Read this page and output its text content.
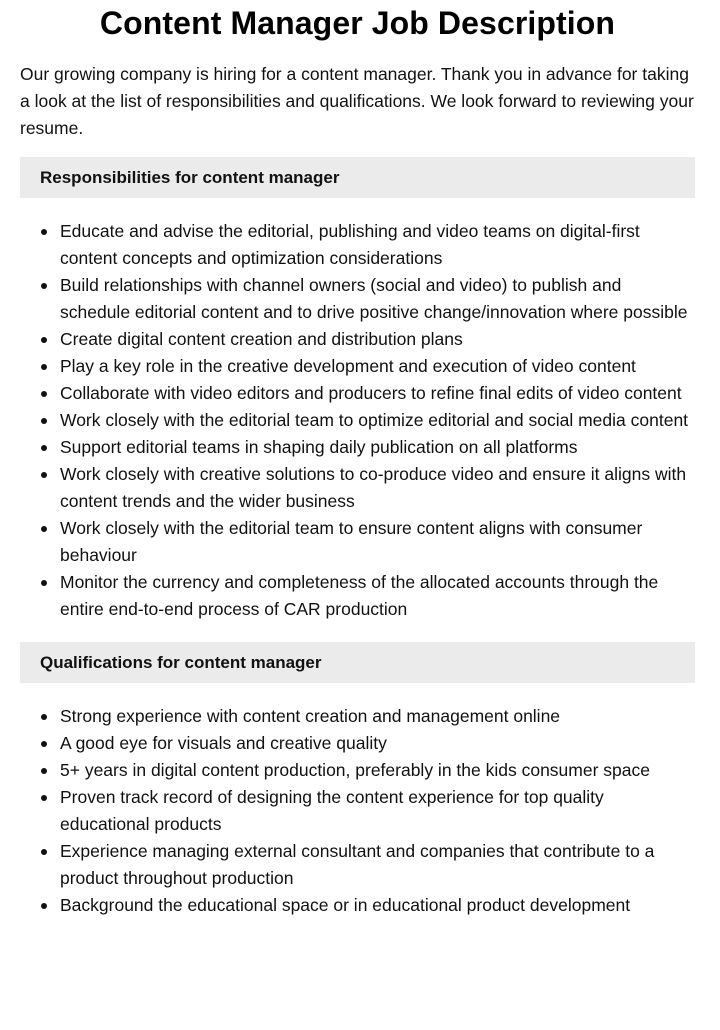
Content Manager Job Description

Our growing company is hiring for a content manager. Thank you in advance for taking a look at the list of responsibilities and qualifications. We look forward to reviewing your resume.

Responsibilities for content manager
Educate and advise the editorial, publishing and video teams on digital-first content concepts and optimization considerations
Build relationships with channel owners (social and video) to publish and schedule editorial content and to drive positive change/innovation where possible
Create digital content creation and distribution plans
Play a key role in the creative development and execution of video content
Collaborate with video editors and producers to refine final edits of video content
Work closely with the editorial team to optimize editorial and social media content
Support editorial teams in shaping daily publication on all platforms
Work closely with creative solutions to co-produce video and ensure it aligns with content trends and the wider business
Work closely with the editorial team to ensure content aligns with consumer behaviour
Monitor the currency and completeness of the allocated accounts through the entire end-to-end process of CAR production
Qualifications for content manager
Strong experience with content creation and management online
A good eye for visuals and creative quality
5+ years in digital content production, preferably in the kids consumer space
Proven track record of designing the content experience for top quality educational products
Experience managing external consultant and companies that contribute to a product throughout production
Background the educational space or in educational product development
